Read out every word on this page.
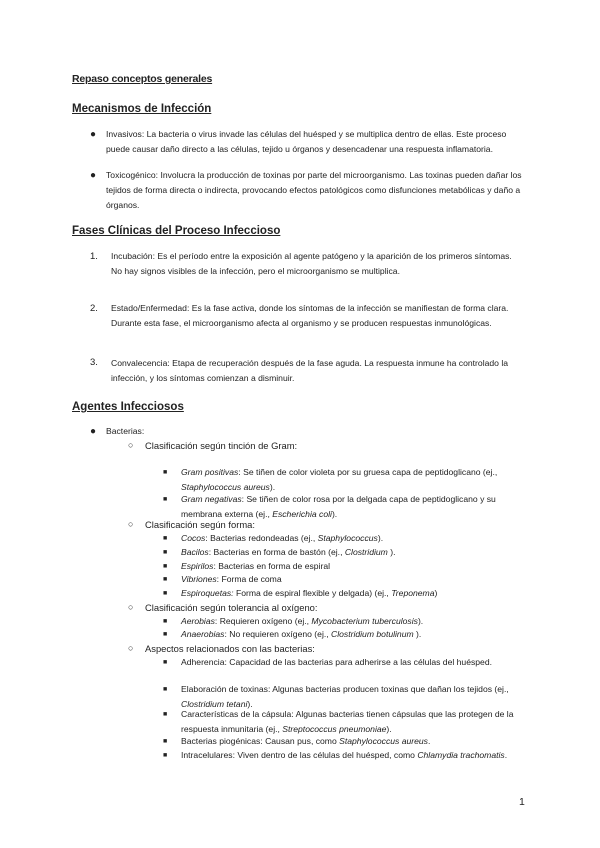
Repaso conceptos generales
Mecanismos de Infección
● Invasivos: La bacteria o virus invade las células del huésped y se multiplica dentro de ellas. Este proceso puede causar daño directo a las células, tejido u órganos y desencadenar una respuesta inflamatoria.
● Toxicogénico: Involucra la producción de toxinas por parte del microorganismo. Las toxinas pueden dañar los tejidos de forma directa o indirecta, provocando efectos patológicos como disfunciones metabólicas y daño a órganos.
Fases Clínicas del Proceso Infeccioso
1. Incubación: Es el período entre la exposición al agente patógeno y la aparición de los primeros síntomas. No hay signos visibles de la infección, pero el microorganismo se multiplica.
2. Estado/Enfermedad: Es la fase activa, donde los síntomas de la infección se manifiestan de forma clara. Durante esta fase, el microorganismo afecta al organismo y se producen respuestas inmunológicas.
3. Convalecencia: Etapa de recuperación después de la fase aguda. La respuesta inmune ha controlado la infección, y los síntomas comienzan a disminuir.
Agentes Infecciosos
● Bacterias:
○ Clasificación según tinción de Gram:
■ Gram positivas: Se tiñen de color violeta por su gruesa capa de peptidoglicano (ej., Staphylococcus aureus).
■ Gram negativas: Se tiñen de color rosa por la delgada capa de peptidoglicano y su membrana externa (ej., Escherichia coli).
○ Clasificación según forma:
■ Cocos: Bacterias redondeadas (ej., Staphylococcus).
■ Bacilos: Bacterias en forma de bastón (ej., Clostridium ).
■ Espirilos: Bacterias en forma de espiral
■ Vibriones: Forma de coma
■ Espiroquetas: Forma de espiral flexible y delgada) (ej., Treponema)
○ Clasificación según tolerancia al oxígeno:
■ Aerobias: Requieren oxígeno (ej., Mycobacterium tuberculosis).
■ Anaerobias: No requieren oxígeno (ej., Clostridium botulinum ).
○ Aspectos relacionados con las bacterias:
■ Adherencia: Capacidad de las bacterias para adherirse a las células del huésped.
■ Elaboración de toxinas: Algunas bacterias producen toxinas que dañan los tejidos (ej., Clostridium tetani).
■ Características de la cápsula: Algunas bacterias tienen cápsulas que las protegen de la respuesta inmunitaria (ej., Streptococcus pneumoniae).
■ Bacterias piogénicas: Causan pus, como Staphylococcus aureus.
■ Intracelulares: Viven dentro de las células del huésped, como Chlamydia trachomatis.
1
